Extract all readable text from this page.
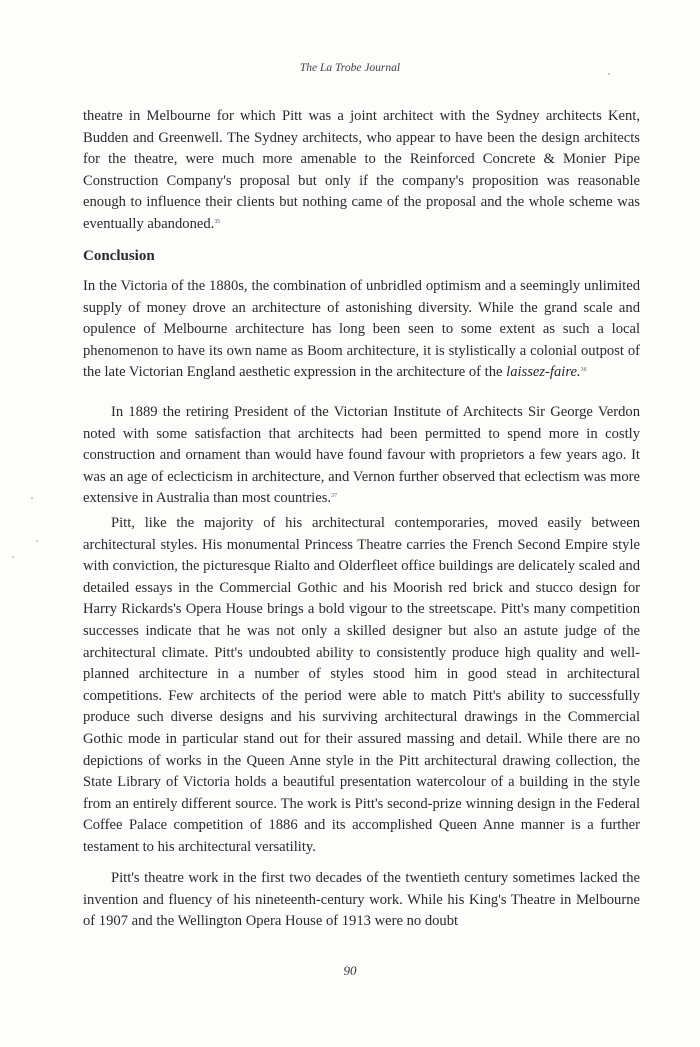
The La Trobe Journal

theatre in Melbourne for which Pitt was a joint architect with the Sydney architects Kent, Budden and Greenwell. The Sydney architects, who appear to have been the design architects for the theatre, were much more amenable to the Reinforced Concrete & Monier Pipe Construction Company's proposal but only if the company's proposition was reasonable enough to influence their clients but nothing came of the proposal and the whole scheme was eventually abandoned.$^{35}$

Conclusion

In the Victoria of the 1880s, the combination of unbridled optimism and a seemingly unlimited supply of money drove an architecture of astonishing diversity. While the grand scale and opulence of Melbourne architecture has long been seen to some extent as such a local phenomenon to have its own name as Boom architecture, it is stylistically a colonial outpost of the late Victorian England aesthetic expression in the architecture of the laissez-faire.$^{36}$

In 1889 the retiring President of the Victorian Institute of Architects Sir George Verdon noted with some satisfaction that architects had been permitted to spend more in costly construction and ornament than would have found favour with proprietors a few years ago. It was an age of eclecticism in architecture, and Vernon further observed that eclectism was more extensive in Australia than most countries.$^{37}$

Pitt, like the majority of his architectural contemporaries, moved easily between architectural styles. His monumental Princess Theatre carries the French Second Empire style with conviction, the picturesque Rialto and Olderfleet office buildings are delicately scaled and detailed essays in the Commercial Gothic and his Moorish red brick and stucco design for Harry Rickards's Opera House brings a bold vigour to the streetscape. Pitt's many competition successes indicate that he was not only a skilled designer but also an astute judge of the architectural climate. Pitt's undoubted ability to consistently produce high quality and well-planned architecture in a number of styles stood him in good stead in architectural competitions. Few architects of the period were able to match Pitt's ability to successfully produce such diverse designs and his surviving architectural drawings in the Commercial Gothic mode in particular stand out for their assured massing and detail. While there are no depictions of works in the Queen Anne style in the Pitt architectural drawing collection, the State Library of Victoria holds a beautiful presentation watercolour of a building in the style from an entirely different source. The work is Pitt's second-prize winning design in the Federal Coffee Palace competition of 1886 and its accomplished Queen Anne manner is a further testament to his architectural versatility.

Pitt's theatre work in the first two decades of the twentieth century sometimes lacked the invention and fluency of his nineteenth-century work. While his King's Theatre in Melbourne of 1907 and the Wellington Opera House of 1913 were no doubt

90
